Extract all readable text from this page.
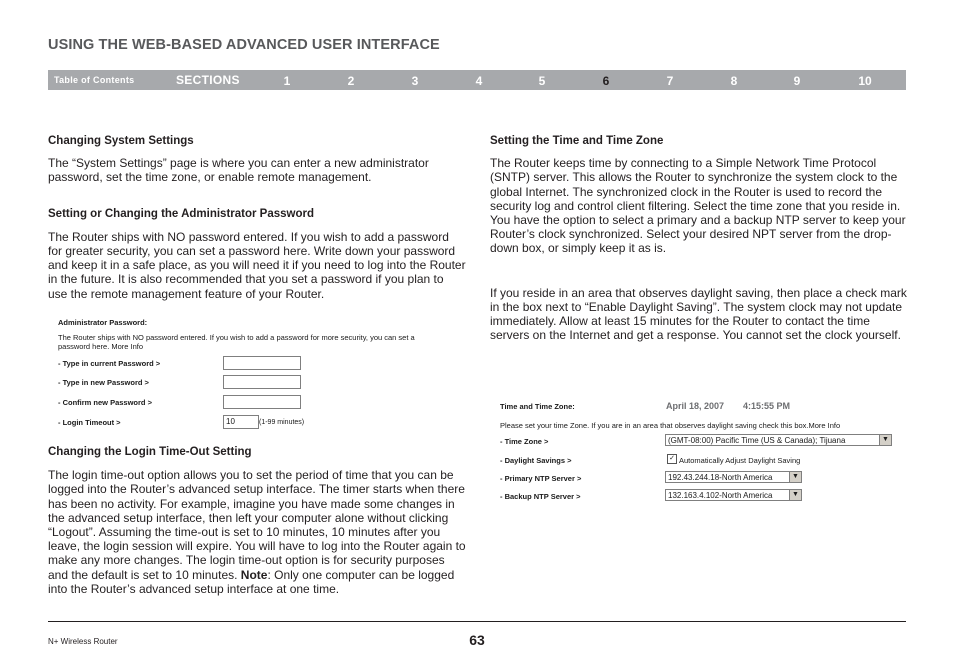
USING THE WEB-BASED ADVANCED USER INTERFACE
Table of Contents	SECTIONS	1	2	3	4	5	6	7	8	9	10

Changing System Settings

The “System Settings” page is where you can enter a new administrator password, set the time zone, or enable remote management.

Setting or Changing the Administrator Password

The Router ships with NO password entered. If you wish to add a password for greater security, you can set a password here. Write down your password and keep it in a safe place, as you will need it if you need to log into the Router in the future. It is also recommended that you set a password if you plan to use the remote management feature of your Router.

Administrator Password:
The Router ships with NO password entered. If you wish to add a password for more security, you can set a
password here. More Info
- Type in current Password >
- Type in new Password >
- Confirm new Password >
- Login Timeout >	10	(1-99 minutes)

Changing the Login Time-Out Setting

The login time-out option allows you to set the period of time that you can be logged into the Router’s advanced setup interface. The timer starts when there has been no activity. For example, imagine you have made some changes in the advanced setup interface, then left your computer alone without clicking “Logout”. Assuming the time-out is set to 10 minutes, 10 minutes after you leave, the login session will expire. You will have to log into the Router again to make any more changes. The login time-out option is for security purposes and the default is set to 10 minutes. Note: Only one computer can be logged into the Router’s advanced setup interface at one time.

Setting the Time and Time Zone

The Router keeps time by connecting to a Simple Network Time Protocol (SNTP) server. This allows the Router to synchronize the system clock to the global Internet. The synchronized clock in the Router is used to record the security log and control client filtering. Select the time zone that you reside in. You have the option to select a primary and a backup NTP server to keep your Router’s clock synchronized. Select your desired NPT server from the drop-down box, or simply keep it as is.

If you reside in an area that observes daylight saving, then place a check mark in the box next to “Enable Daylight Saving”. The system clock may not update immediately. Allow at least 15 minutes for the Router to contact the time servers on the Internet and get a response. You cannot set the clock yourself.

Time and Time Zone:	April 18, 2007 4:15:55 PM
Please set your time Zone. If you are in an area that observes daylight saving check this box.More Info
- Time Zone >	(GMT-08:00) Pacific Time (US & Canada); Tijuana	▼
- Daylight Savings >	✓ Automatically Adjust Daylight Saving
- Primary NTP Server >	192.43.244.18-North America	▼
- Backup NTP Server >	132.163.4.102-North America	▼
N+ Wireless Router	63
